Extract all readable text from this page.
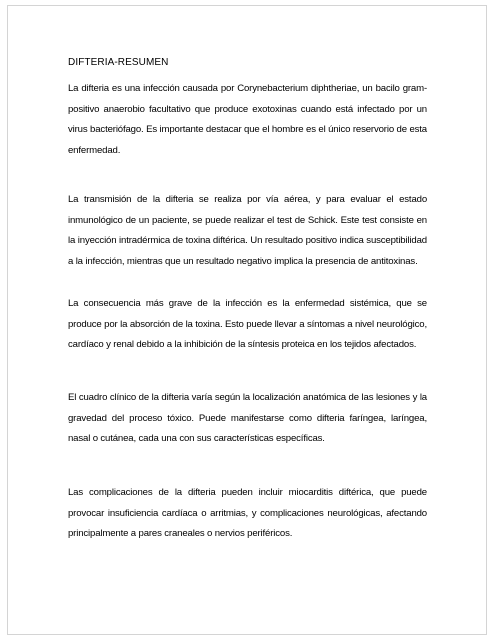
DIFTERIA-RESUMEN

La difteria es una infección causada por Corynebacterium diphtheriae, un bacilo gram-positivo anaerobio facultativo que produce exotoxinas cuando está infectado por un virus bacteriófago. Es importante destacar que el hombre es el único reservorio de esta enfermedad.

La transmisión de la difteria se realiza por vía aérea, y para evaluar el estado inmunológico de un paciente, se puede realizar el test de Schick. Este test consiste en la inyección intradérmica de toxina diftérica. Un resultado positivo indica susceptibilidad a la infección, mientras que un resultado negativo implica la presencia de antitoxinas.

La consecuencia más grave de la infección es la enfermedad sistémica, que se produce por la absorción de la toxina. Esto puede llevar a síntomas a nivel neurológico, cardíaco y renal debido a la inhibición de la síntesis proteica en los tejidos afectados.

El cuadro clínico de la difteria varía según la localización anatómica de las lesiones y la gravedad del proceso tóxico. Puede manifestarse como difteria faríngea, laríngea, nasal o cutánea, cada una con sus características específicas.

Las complicaciones de la difteria pueden incluir miocarditis diftérica, que puede provocar insuficiencia cardíaca o arritmias, y complicaciones neurológicas, afectando principalmente a pares craneales o nervios periféricos.
